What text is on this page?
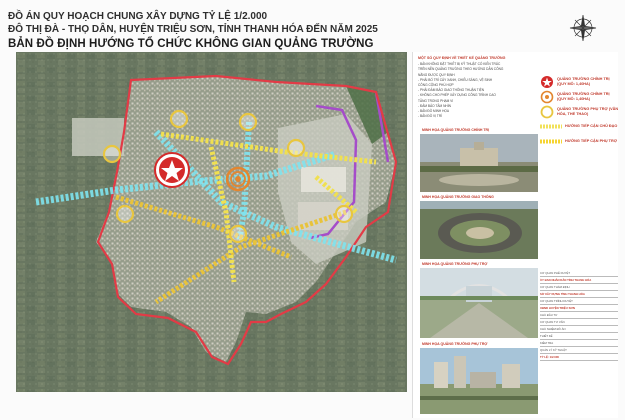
ĐỒ ÁN QUY HOẠCH CHUNG XÂY DỰNG TỶ LỆ 1/2.000
ĐÔ THỊ ĐÀ - THỌ DÂN, HUYỆN TRIỆU SƠN, TỈNH THANH HÓA ĐẾN NĂM 2025
BẢN ĐỒ ĐỊNH HƯỚNG TỔ CHỨC KHÔNG GIAN QUẢNG TRƯỜNG
MỘT SỐ QUY ĐỊNH VỀ THIẾT KẾ QUẢNG TRƯỜNG
- BẢN KHÔNG ĐẶT THIẾT BỊ KỸ THUẬT CÓ KIẾN TRÚC
TRÊN NỀN QUẢNG TRƯỜNG THEO HƯỚNG DẪN CÔNG
NĂNG ĐƯỢC QUY ĐỊNH
- PHẢI BỐ TRÍ CÂY XANH, CHIẾU SÁNG, VỆ SINH
CÔNG CỘNG PHÙ HỢP
- PHẢI ĐẢM BẢO GIAO THÔNG THUẬN TIỆN
- KHÔNG CHO PHÉP XÂY DỰNG CÔNG TRÌNH CAO
TẦNG TRONG PHẠM VI
- ĐẢM BẢO TẦM NHÌN
- BẢN ĐỒ MINH HỌA
- BẢN ĐỒ VỊ TRÍ
QUẢNG TRƯỜNG CHÍNH TRỊ (QUY MÔ: 1,40HA)
QUẢNG TRƯỜNG CHÍNH TRỊ (QUY MÔ: 1,40HA)
QUẢNG TRƯỜNG PHỤ TRỢ (VĂN HÓA, THỂ THAO)
HƯỚNG TIẾP CẬN CHỦ ĐẠO
HƯỚNG TIẾP CẬN PHỤ TRỢ
MINH HỌA QUẢNG TRƯỜNG CHÍNH TRỊ
MINH HỌA QUẢNG TRƯỜNG GIAO THÔNG
MINH HỌA QUẢNG TRƯỜNG PHỤ TRỢ
MINH HỌA QUẢNG TRƯỜNG PHỤ TRỢ
CƠ QUAN PHÊ DUYỆT
ỦY BAN NHÂN DÂN TỈNH THANH HÓA
CƠ QUAN THẨM ĐỊNH
SỞ XÂY DỰNG TỈNH THANH HÓA
CƠ QUAN TRÌNH DUYỆT
UBND HUYỆN TRIỆU SƠN
CHỦ ĐẦU TƯ
CƠ QUAN TƯ VẤN
CHỦ NHIỆM ĐỒ ÁN
THIẾT KẾ
KIỂM TRA
QUẢN LÝ KỸ THUẬT
TỶ LỆ: 1/2.000
